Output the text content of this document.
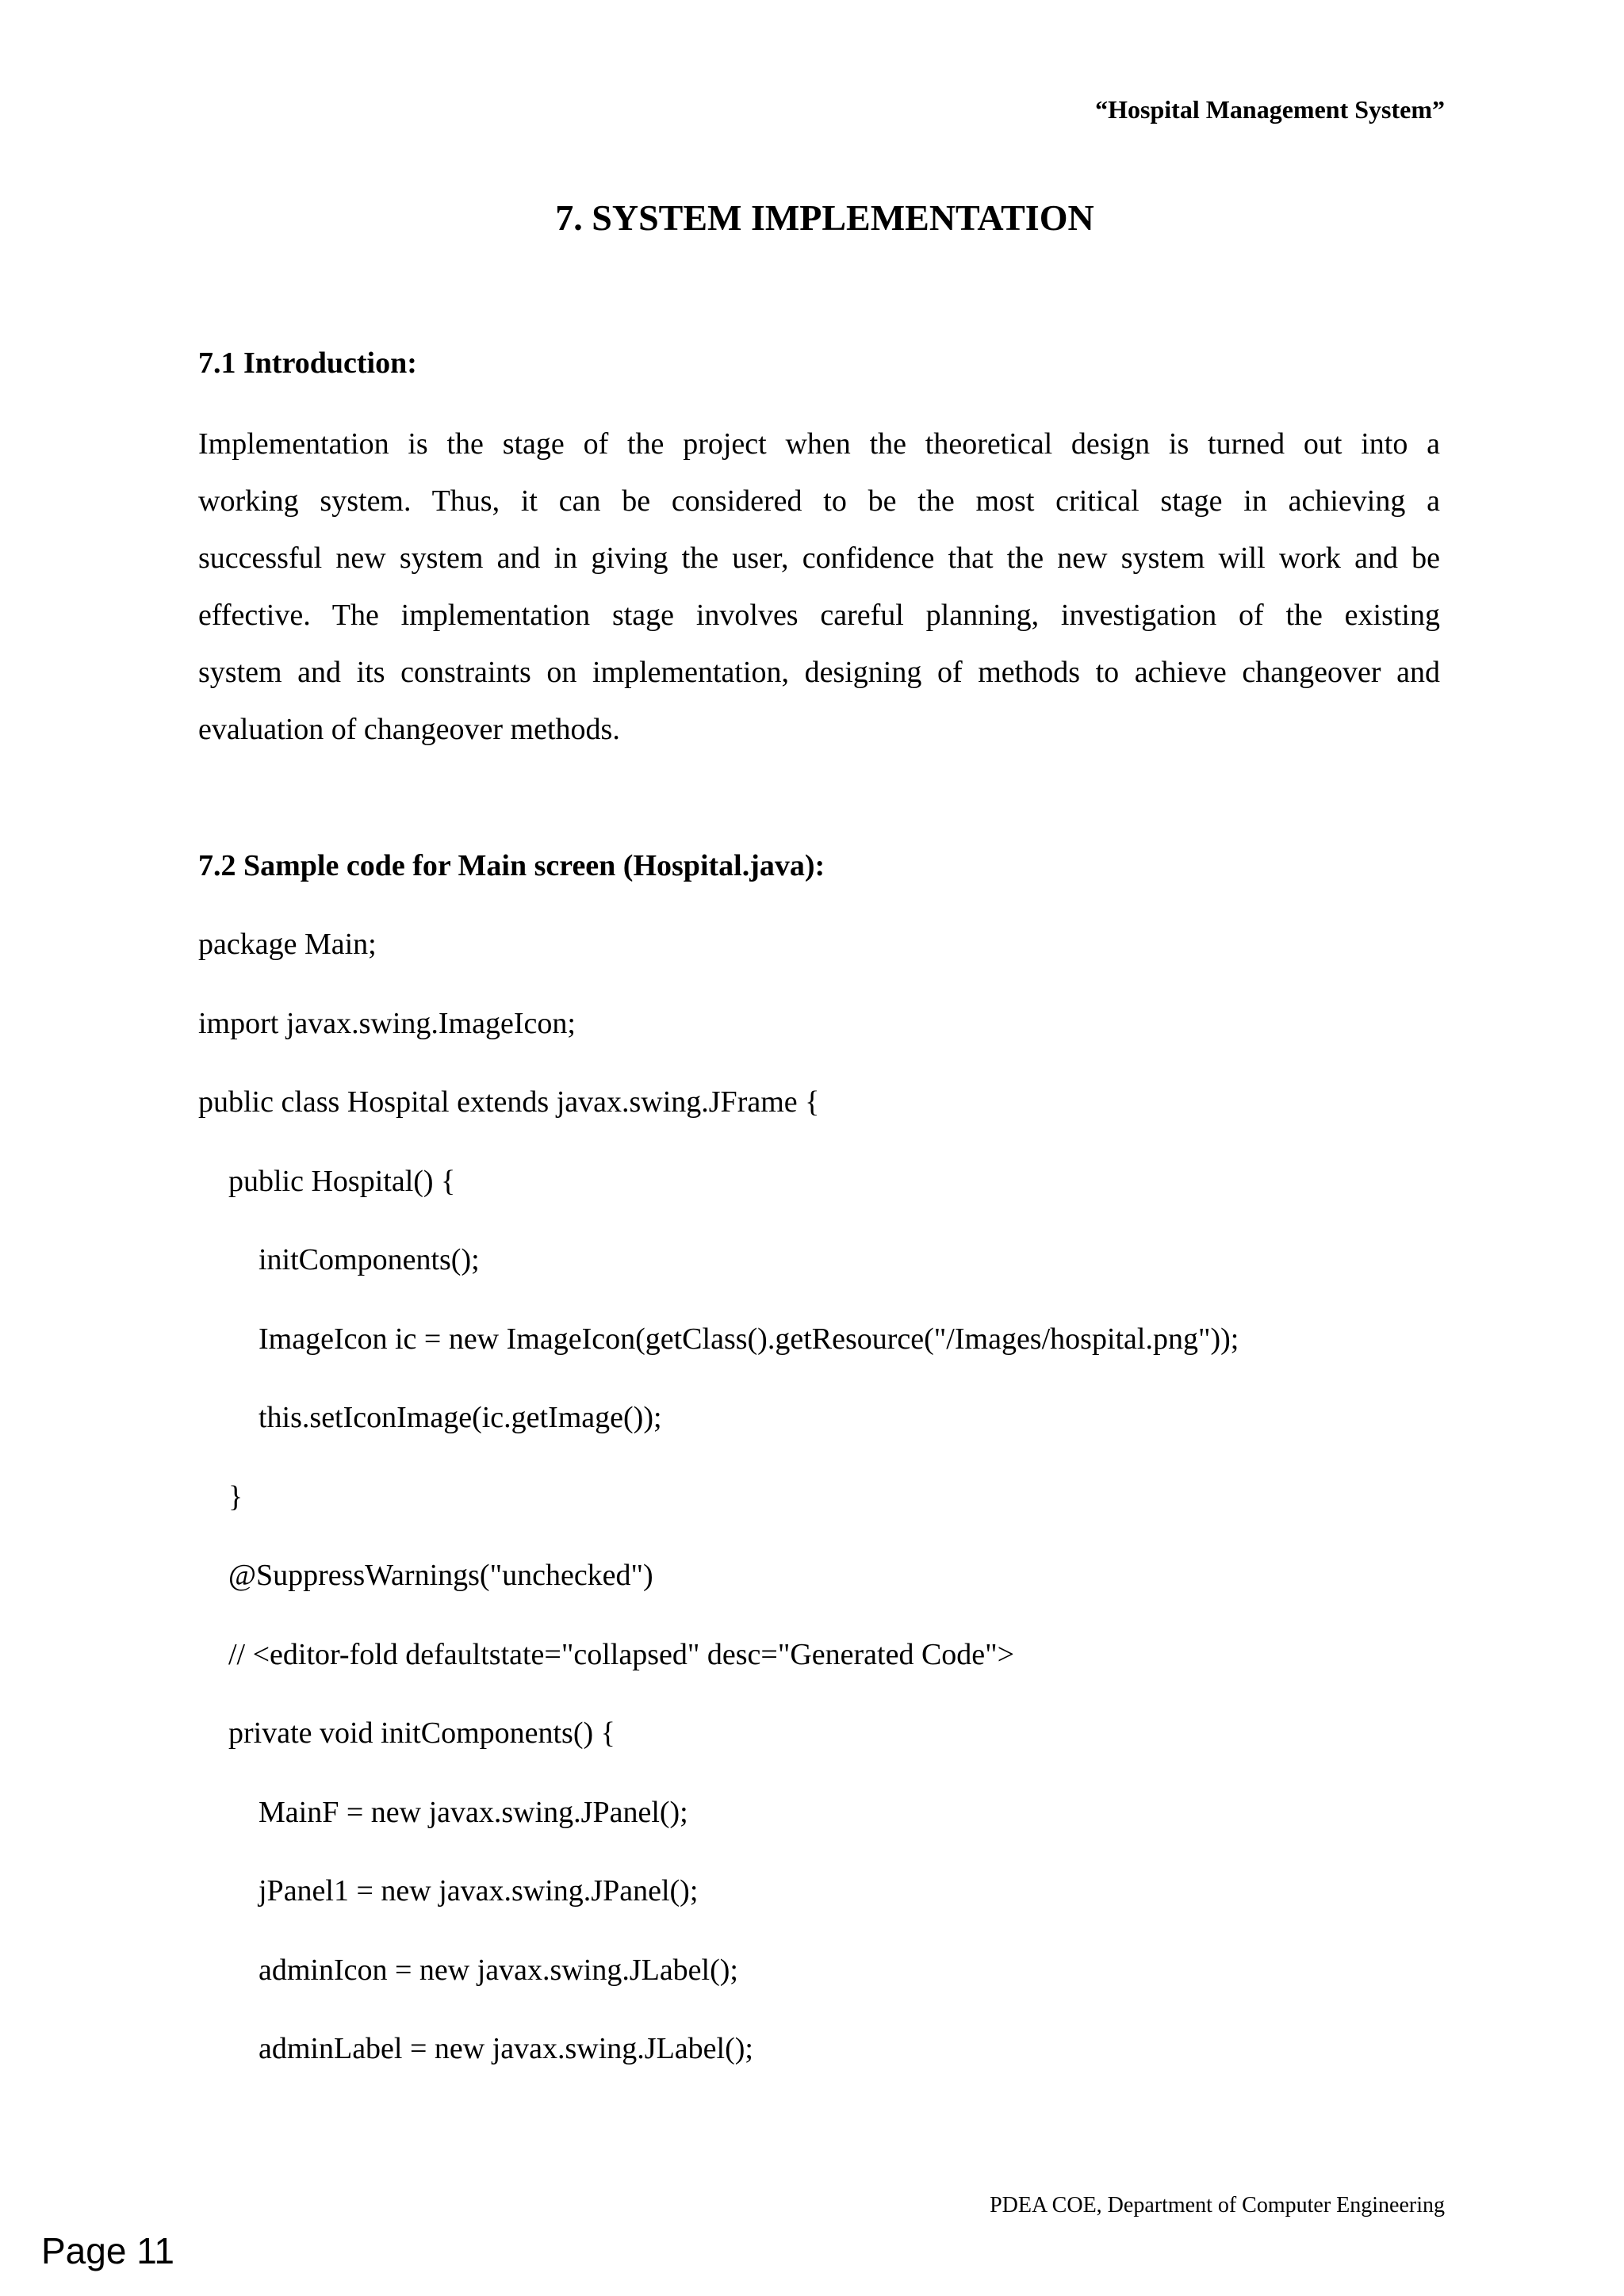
“Hospital Management System”
7. SYSTEM IMPLEMENTATION
7.1 Introduction:
Implementation is the stage of the project when the theoretical design is turned out into a
working system. Thus, it can be considered to be the most critical stage in achieving a
successful new system and in giving the user, confidence that the new system will work and be
effective. The implementation stage involves careful planning, investigation of the existing
system and its constraints on implementation, designing of methods to achieve changeover and
evaluation of changeover methods.
7.2 Sample code for Main screen (Hospital.java):
package Main;
import javax.swing.ImageIcon;
public class Hospital extends javax.swing.JFrame {
public Hospital() {
initComponents();
ImageIcon ic = new ImageIcon(getClass().getResource("/Images/hospital.png"));
this.setIconImage(ic.getImage());
}
@SuppressWarnings("unchecked")
// <editor-fold defaultstate="collapsed" desc="Generated Code">
private void initComponents() {
MainF = new javax.swing.JPanel();
jPanel1 = new javax.swing.JPanel();
adminIcon = new javax.swing.JLabel();
adminLabel = new javax.swing.JLabel();
PDEA COE, Department of Computer Engineering
Page 11
